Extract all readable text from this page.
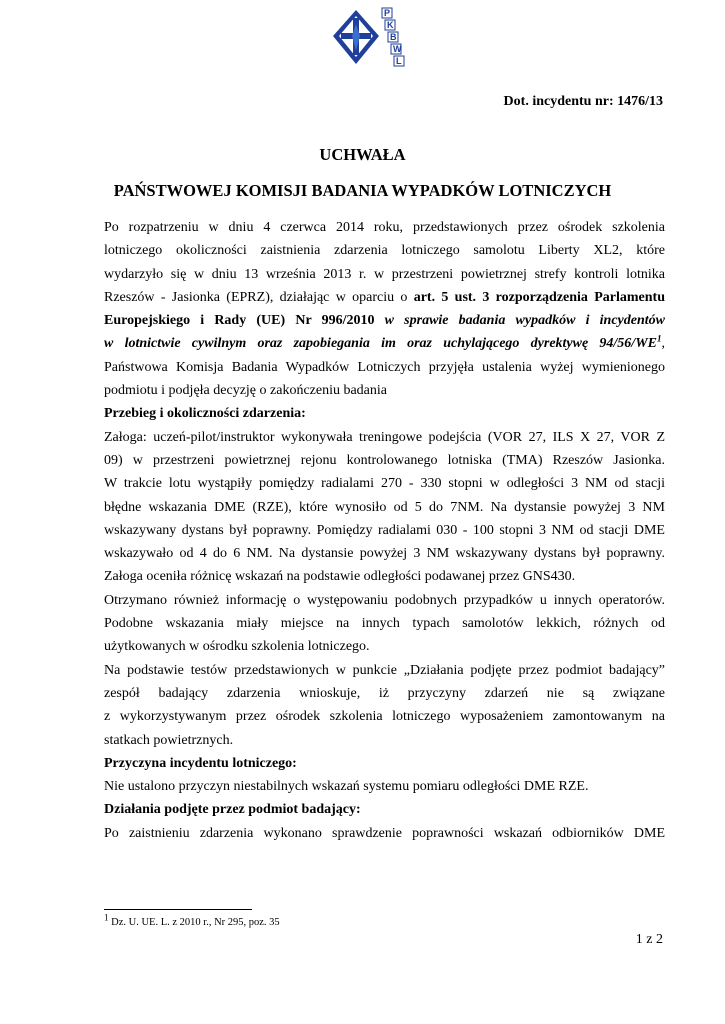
P
K
B
W
L
Dot. incydentu nr: 1476/13
UCHWAŁA
PAŃSTWOWEJ KOMISJI BADANIA WYPADKÓW LOTNICZYCH

Po rozpatrzeniu w dniu 4 czerwca 2014 roku, przedstawionych przez ośrodek szkolenia
lotniczego okoliczności zaistnienia zdarzenia lotniczego samolotu Liberty XL2, które
wydarzyło się w dniu 13 września 2013 r. w przestrzeni powietrznej strefy kontroli lotnika
Rzeszów - Jasionka (EPRZ), działając w oparciu o art. 5 ust. 3 rozporządzenia Parlamentu
Europejskiego i Rady (UE) Nr 996/2010 w sprawie badania wypadków i incydentów
w lotnictwie cywilnym oraz zapobiegania im oraz uchylającego dyrektywę $94/56/WE^1$,
Państwowa Komisja Badania Wypadków Lotniczych przyjęła ustalenia wyżej wymienionego
podmiotu i podjęła decyzję o zakończeniu badania

Przebieg i okoliczności zdarzenia:

Załoga: uczeń-pilot/instruktor wykonywała treningowe podejścia (VOR 27, ILS X 27, VOR Z
09) w przestrzeni powietrznej rejonu kontrolowanego lotniska (TMA) Rzeszów Jasionka.
W trakcie lotu wystąpiły pomiędzy radialami 270 - 330 stopni w odległości 3 NM od stacji
błędne wskazania DME (RZE), które wynosiło od 5 do 7NM. Na dystansie powyżej 3 NM
wskazywany dystans był poprawny. Pomiędzy radialami 030 - 100 stopni 3 NM od stacji DME
wskazywało od 4 do 6 NM. Na dystansie powyżej 3 NM wskazywany dystans był poprawny.
Załoga oceniła różnicę wskazań na podstawie odległości podawanej przez GNS430.
Otrzymano również informację o występowaniu podobnych przypadków u innych operatorów.
Podobne wskazania miały miejsce na innych typach samolotów lekkich, różnych od
użytkowanych w ośrodku szkolenia lotniczego.
Na podstawie testów przedstawionych w punkcie „Działania podjęte przez podmiot badający”
zespół badający zdarzenia wnioskuje, iż przyczyny zdarzeń nie są związane
z wykorzystywanym przez ośrodek szkolenia lotniczego wyposażeniem zamontowanym na
statkach powietrznych.

Przyczyna incydentu lotniczego:

Nie ustalono przyczyn niestabilnych wskazań systemu pomiaru odległości DME RZE.

Działania podjęte przez podmiot badający:

Po zaistnieniu zdarzenia wykonano sprawdzenie poprawności wskazań odbiorników DME

$^1$ Dz. U. UE. L. z 2010 r., Nr 295, poz. 35
1 z 2
